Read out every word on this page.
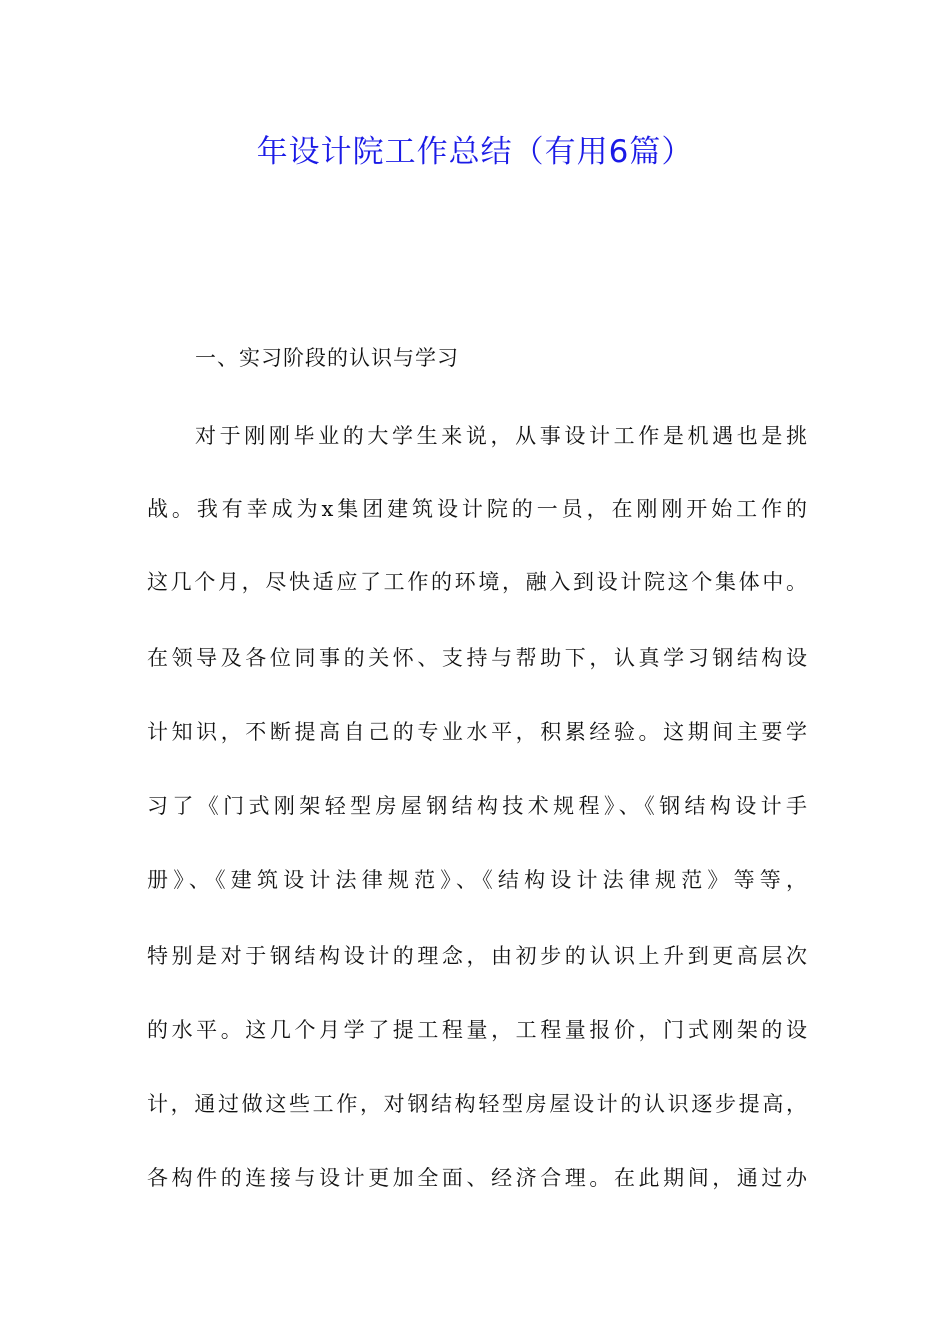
年设计院工作总结（有用6篇）
一、实习阶段的认识与学习
对于刚刚毕业的大学生来说，从事设计工作是机遇也是挑
战。我有幸成为x集团建筑设计院的一员，在刚刚开始工作的
这几个月，尽快适应了工作的环境，融入到设计院这个集体中。
在领导及各位同事的关怀、支持与帮助下，认真学习钢结构设
计知识，不断提高自己的专业水平，积累经验。这期间主要学
习了《门式刚架轻型房屋钢结构技术规程》、《钢结构设计手
册》、《建筑设计法律规范》、《结构设计法律规范》等等，
特别是对于钢结构设计的理念，由初步的认识上升到更高层次
的水平。这几个月学了提工程量，工程量报价，门式刚架的设
计，通过做这些工作，对钢结构轻型房屋设计的认识逐步提高，
各构件的连接与设计更加全面、经济合理。在此期间，通过办
